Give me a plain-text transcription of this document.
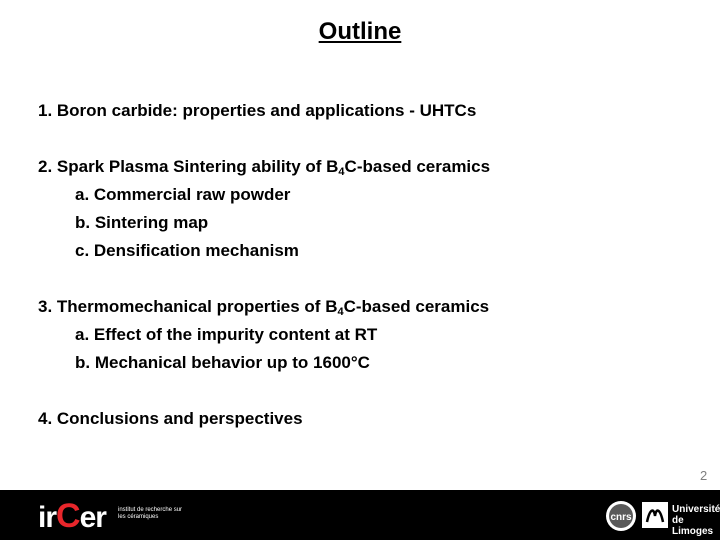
Outline
1. Boron carbide: properties and applications - UHTCs
2. Spark Plasma Sintering ability of $B_4C$-based ceramics
a. Commercial raw powder
b. Sintering map
c. Densification mechanism
3. Thermomechanical properties of $B_4C$-based ceramics
a. Effect of the impurity content at RT
b. Mechanical behavior up to 1600°C
4. Conclusions and perspectives
2
irCer institut de recherche sur les céramiques	cnrs
Université de Limoges
